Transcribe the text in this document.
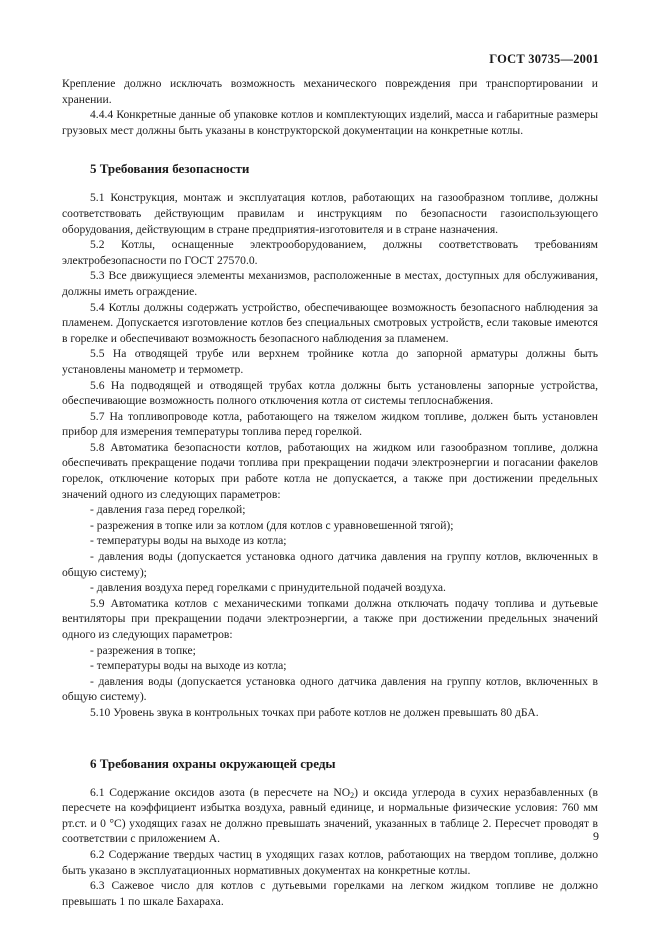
ГОСТ 30735—2001

Крепление должно исключать возможность механического повреждения при транспортировании и хранении.

4.4.4 Конкретные данные об упаковке котлов и комплектующих изделий, масса и габаритные размеры грузовых мест должны быть указаны в конструкторской документации на конкретные котлы.

5 Требования безопасности

5.1 Конструкция, монтаж и эксплуатация котлов, работающих на газообразном топливе, должны соответствовать действующим правилам и инструкциям по безопасности газоиспользующего оборудования, действующим в стране предприятия-изготовителя и в стране назначения.

5.2 Котлы, оснащенные электрооборудованием, должны соответствовать требованиям электробезопасности по ГОСТ 27570.0.

5.3 Все движущиеся элементы механизмов, расположенные в местах, доступных для обслуживания, должны иметь ограждение.

5.4 Котлы должны содержать устройство, обеспечивающее возможность безопасного наблюдения за пламенем. Допускается изготовление котлов без специальных смотровых устройств, если таковые имеются в горелке и обеспечивают возможность безопасного наблюдения за пламенем.

5.5 На отводящей трубе или верхнем тройнике котла до запорной арматуры должны быть установлены манометр и термометр.

5.6 На подводящей и отводящей трубах котла должны быть установлены запорные устройства, обеспечивающие возможность полного отключения котла от системы теплоснабжения.

5.7 На топливопроводе котла, работающего на тяжелом жидком топливе, должен быть установлен прибор для измерения температуры топлива перед горелкой.

5.8 Автоматика безопасности котлов, работающих на жидком или газообразном топливе, должна обеспечивать прекращение подачи топлива при прекращении подачи электроэнергии и погасании факелов горелок, отключение которых при работе котла не допускается, а также при достижении предельных значений одного из следующих параметров:

- давления газа перед горелкой;

- разрежения в топке или за котлом (для котлов с уравновешенной тягой);

- температуры воды на выходе из котла;

- давления воды (допускается установка одного датчика давления на группу котлов, включенных в общую систему);

- давления воздуха перед горелками с принудительной подачей воздуха.

5.9 Автоматика котлов с механическими топками должна отключать подачу топлива и дутьевые вентиляторы при прекращении подачи электроэнергии, а также при достижении предельных значений одного из следующих параметров:

- разрежения в топке;

- температуры воды на выходе из котла;

- давления воды (допускается установка одного датчика давления на группу котлов, включенных в общую систему).

5.10 Уровень звука в контрольных точках при работе котлов не должен превышать 80 дБА.

6 Требования охраны окружающей среды

6.1 Содержание оксидов азота (в пересчете на $NO_2$) и оксида углерода в сухих неразбавленных (в пересчете на коэффициент избытка воздуха, равный единице, и нормальные физические условия: 760 мм рт.ст. и 0 °С) уходящих газах не должно превышать значений, указанных в таблице 2. Пересчет проводят в соответствии с приложением А.

6.2 Содержание твердых частиц в уходящих газах котлов, работающих на твердом топливе, должно быть указано в эксплуатационных нормативных документах на конкретные котлы.

6.3 Сажевое число для котлов с дутьевыми горелками на легком жидком топливе не должно превышать 1 по шкале Бахараха.

9
